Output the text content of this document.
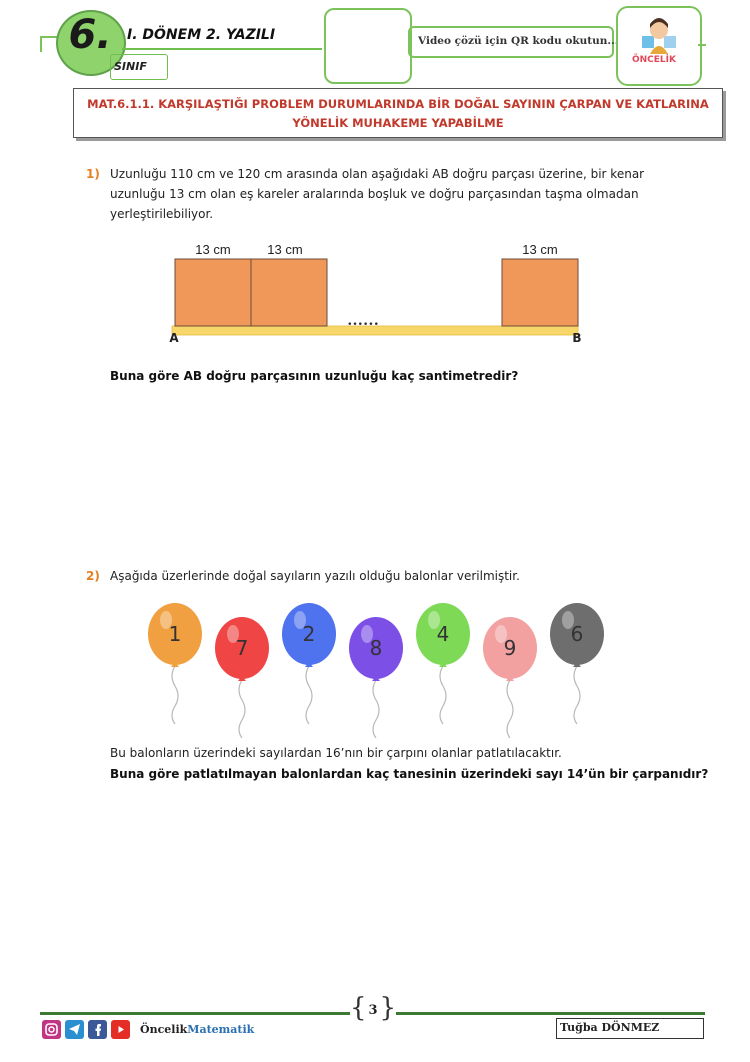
6.	I. DÖNEM 2. YAZILI
SINIF
Video çözü için QR kodu okutun...
ÖNCELİK
MAT.6.1.1. KARŞILAŞTIĞI PROBLEM DURUMLARINDA BİR DOĞAL SAYININ ÇARPAN VE KATLARINA YÖNELİK MUHAKEME YAPABİLME
1) Uzunluğu 110 cm ve 120 cm arasında olan aşağıdaki AB doğru parçası üzerine, bir kenar
uzunluğu 13 cm olan eş kareler aralarında boşluk ve doğru parçasından taşma olmadan
yerleştirilebiliyor.
13 cm	13 cm	13 cm
••••••
A	B
Buna göre AB doğru parçasının uzunluğu kaç santimetredir?
2) Aşağıda üzerlerinde doğal sayıların yazılı olduğu balonlar verilmiştir.
1
7
2
8
4
9
6
Bu balonların üzerindeki sayılardan 16’nın bir çarpını olanlar patlatılacaktır.
Buna göre patlatılmayan balonlardan kaç tanesinin üzerindeki sayı 14’ün bir çarpanıdır?
{ 3 }
ÖncelikMatematik	Tuğba DÖNMEZ
